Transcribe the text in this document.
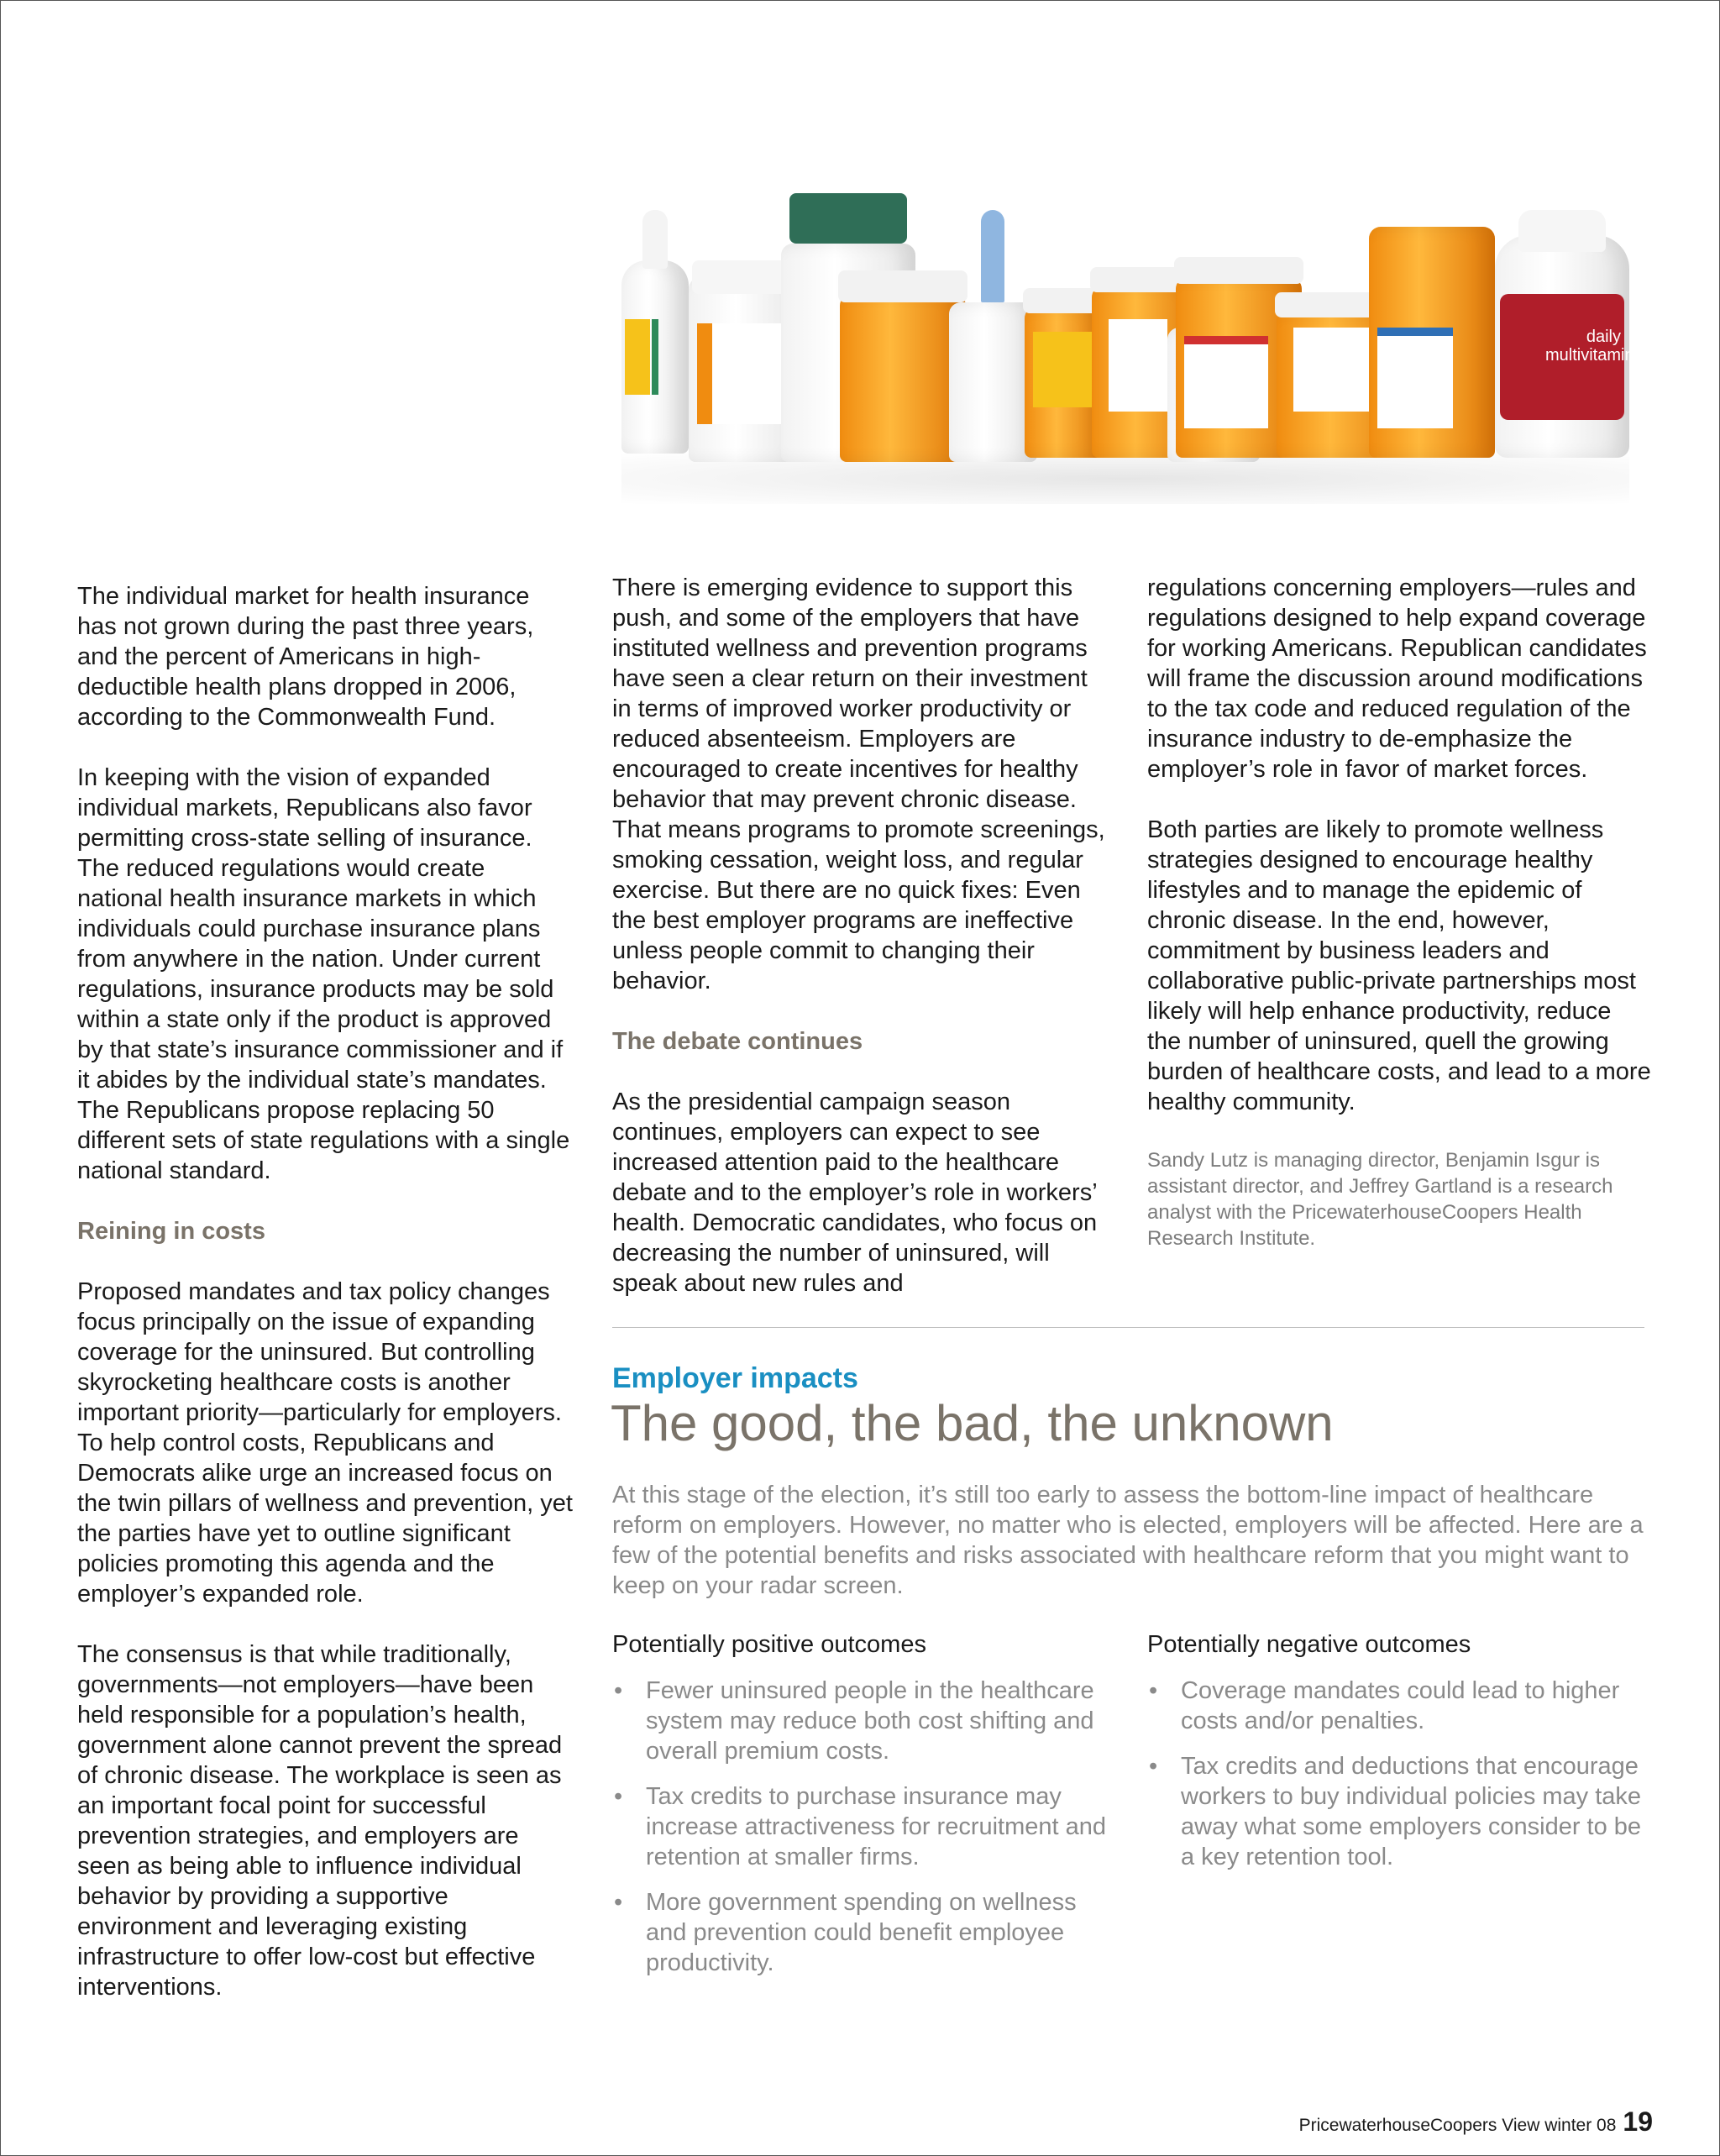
daily multivitamin

The individual market for health insurance has not grown during the past three years, and the percent of Americans in high-deductible health plans dropped in 2006, according to the Commonwealth Fund.

In keeping with the vision of expanded individual markets, Republicans also favor permitting cross-state selling of insurance. The reduced regulations would create national health insurance markets in which individuals could purchase insurance plans from anywhere in the nation. Under current regulations, insurance products may be sold within a state only if the product is approved by that state’s insurance commissioner and if it abides by the individual state’s mandates. The Republicans propose replacing 50 different sets of state regulations with a single national standard.

Reining in costs

Proposed mandates and tax policy changes focus principally on the issue of expanding coverage for the uninsured. But controlling skyrocketing healthcare costs is another important priority—particularly for employers. To help control costs, Republicans and Democrats alike urge an increased focus on the twin pillars of wellness and prevention, yet the parties have yet to outline significant policies promoting this agenda and the employer’s expanded role.

The consensus is that while traditionally, governments—not employers—have been held responsible for a population’s health, government alone cannot prevent the spread of chronic disease. The workplace is seen as an important focal point for successful prevention strategies, and employers are seen as being able to influence individual behavior by providing a supportive environment and leveraging existing infrastructure to offer low-cost but effective interventions.

There is emerging evidence to support this push, and some of the employers that have instituted wellness and prevention programs have seen a clear return on their investment in terms of improved worker productivity or reduced absenteeism. Employers are encouraged to create incentives for healthy behavior that may prevent chronic disease. That means programs to promote screenings, smoking cessation, weight loss, and regular exercise. But there are no quick fixes: Even the best employer programs are ineffective unless people commit to changing their behavior.

The debate continues

As the presidential campaign season continues, employers can expect to see increased attention paid to the healthcare debate and to the employer’s role in workers’ health. Democratic candidates, who focus on decreasing the number of uninsured, will speak about new rules and

regulations concerning employers—rules and regulations designed to help expand coverage for working Americans. Republican candidates will frame the discussion around modifications to the tax code and reduced regulation of the insurance industry to de-emphasize the employer’s role in favor of market forces.

Both parties are likely to promote wellness strategies designed to encourage healthy lifestyles and to manage the epidemic of chronic disease. In the end, however, commitment by business leaders and collaborative public-private partnerships most likely will help enhance productivity, reduce the number of uninsured, quell the growing burden of healthcare costs, and lead to a more healthy community.

Sandy Lutz is managing director, Benjamin Isgur is assistant director, and Jeffrey Gartland is a research analyst with the PricewaterhouseCoopers Health Research Institute.

Employer impacts
The good, the bad, the unknown
At this stage of the election, it’s still too early to assess the bottom-line impact of healthcare reform on employers. However, no matter who is elected, employers will be affected. Here are a few of the potential benefits and risks associated with healthcare reform that you might want to keep on your radar screen.
Potentially positive outcomes	Potentially negative outcomes
• Fewer uninsured people in the healthcare system may reduce both cost shifting and overall premium costs.
• Tax credits to purchase insurance may increase attractiveness for recruitment and retention at smaller firms.
• More government spending on wellness and prevention could benefit employee productivity.
• Coverage mandates could lead to higher costs and/or penalties.
• Tax credits and deductions that encourage workers to buy individual policies may take away what some employers consider to be a key retention tool.
PricewaterhouseCoopers View winter 08 19
